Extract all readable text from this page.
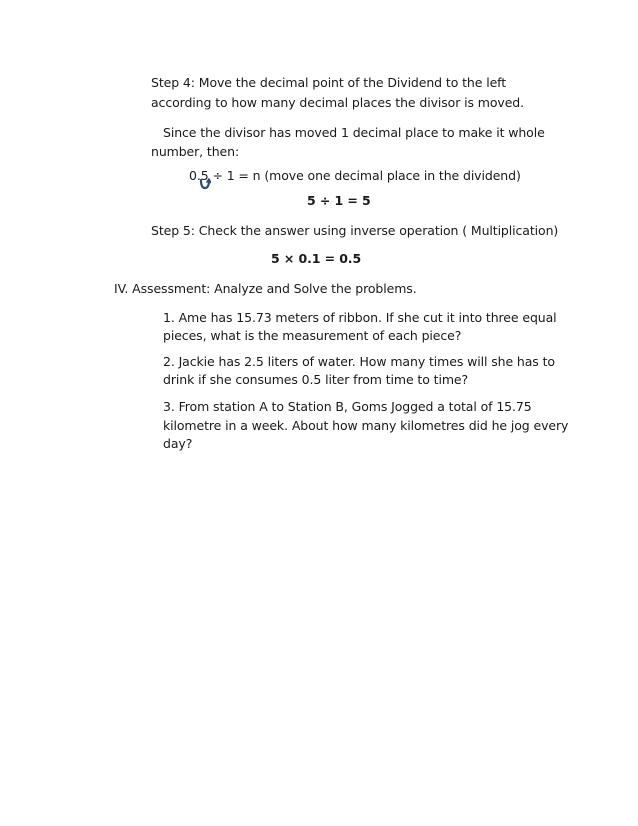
Step 4: Move the decimal point of the Dividend to the left
according to how many decimal places the divisor is moved.
Since the divisor has moved 1 decimal place to make it whole
number, then:
0.5 ÷ 1 = n (move one decimal place in the dividend)
5 ÷ 1 = 5
Step 5: Check the answer using inverse operation ( Multiplication)
5 × 0.1 = 0.5
IV. Assessment: Analyze and Solve the problems.
1. Ame has 15.73 meters of ribbon. If she cut it into three equal
pieces, what is the measurement of each piece?
2. Jackie has 2.5 liters of water. How many times will she has to
drink if she consumes 0.5 liter from time to time?
3. From station A to Station B, Goms Jogged a total of 15.75
kilometre in a week. About how many kilometres did he jog every
day?
